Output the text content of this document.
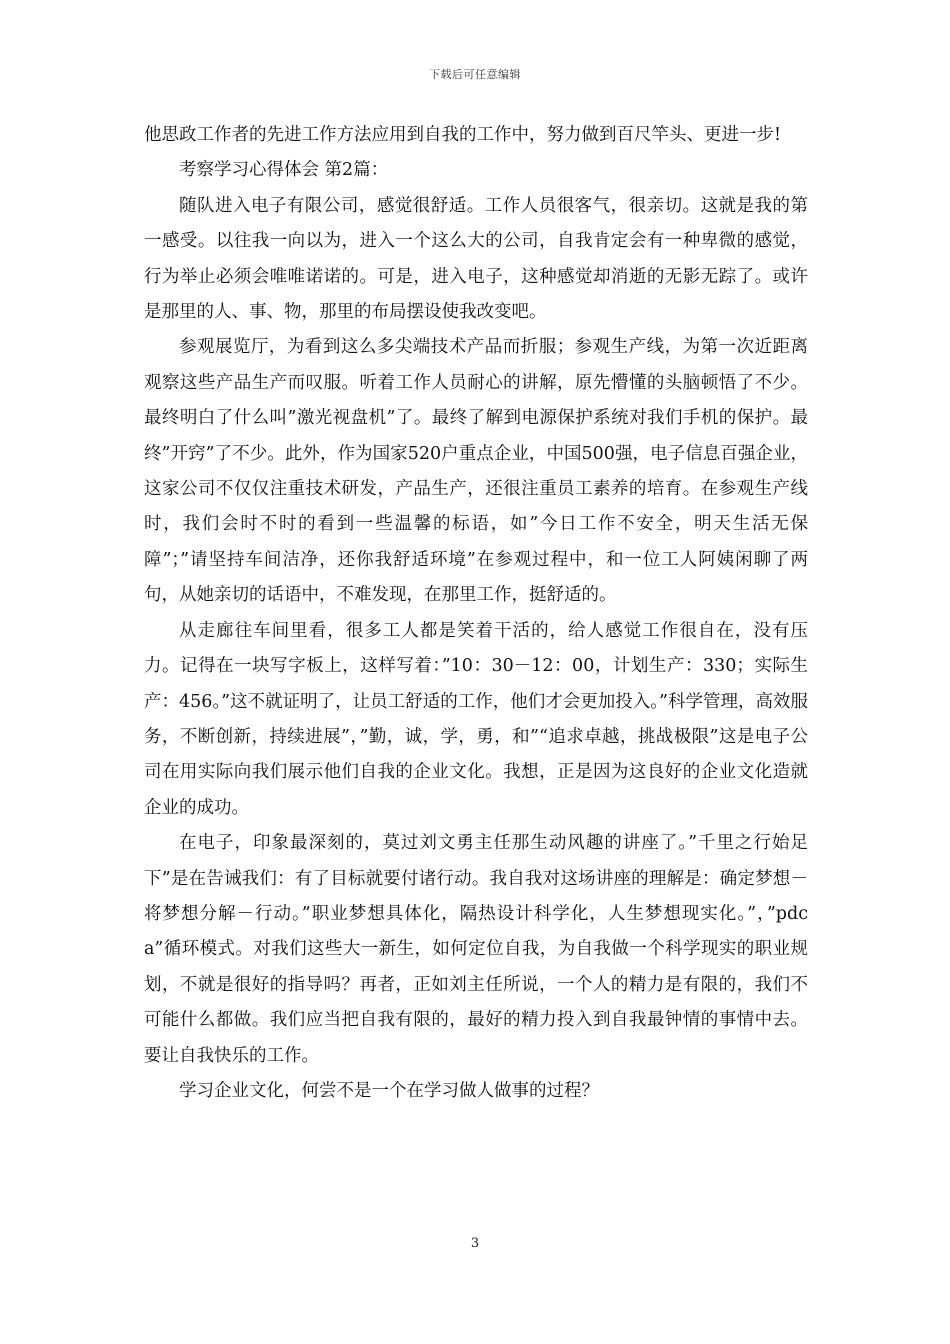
下载后可任意编辑

他思政工作者的先进工作方法应用到自我的工作中，努力做到百尺竿头、更进一步!

考察学习心得体会 第2篇：

随队进入电子有限公司，感觉很舒适。工作人员很客气，很亲切。这就是我的第一感受。以往我一向以为，进入一个这么大的公司，自我肯定会有一种卑微的感觉，行为举止必须会唯唯诺诺的。可是，进入电子，这种感觉却消逝的无影无踪了。或许是那里的人、事、物，那里的布局摆设使我改变吧。

参观展览厅，为看到这么多尖端技术产品而折服；参观生产线，为第一次近距离观察这些产品生产而叹服。听着工作人员耐心的讲解，原先懵懂的头脑顿悟了不少。最终明白了什么叫”激光视盘机”了。最终了解到电源保护系统对我们手机的保护。最终”开窍”了不少。此外，作为国家520户重点企业，中国500强，电子信息百强企业，这家公司不仅仅注重技术研发，产品生产，还很注重员工素养的培育。在参观生产线时，我们会时不时的看到一些温馨的标语，如”今日工作不安全，明天生活无保障”；”请坚持车间洁净，还你我舒适环境”在参观过程中，和一位工人阿姨闲聊了两句，从她亲切的话语中，不难发现，在那里工作，挺舒适的。

从走廊往车间里看，很多工人都是笑着干活的，给人感觉工作很自在，没有压力。记得在一块写字板上，这样写着：”10：30－12：00，计划生产：330；实际生产：456。”这不就证明了，让员工舒适的工作，他们才会更加投入。”科学管理，高效服务，不断创新，持续进展”，”勤，诚，学，勇，和”“追求卓越，挑战极限”这是电子公司在用实际向我们展示他们自我的企业文化。我想，正是因为这良好的企业文化造就企业的成功。

在电子，印象最深刻的，莫过刘文勇主任那生动风趣的讲座了。”千里之行始足下”是在告诫我们：有了目标就要付诸行动。我自我对这场讲座的理解是：确定梦想－将梦想分解－行动。”职业梦想具体化，隔热设计科学化，人生梦想现实化。”，”pdca”循环模式。对我们这些大一新生，如何定位自我，为自我做一个科学现实的职业规划，不就是很好的指导吗？再者，正如刘主任所说，一个人的精力是有限的，我们不可能什么都做。我们应当把自我有限的，最好的精力投入到自我最钟情的事情中去。要让自我快乐的工作。

学习企业文化，何尝不是一个在学习做人做事的过程？

3
